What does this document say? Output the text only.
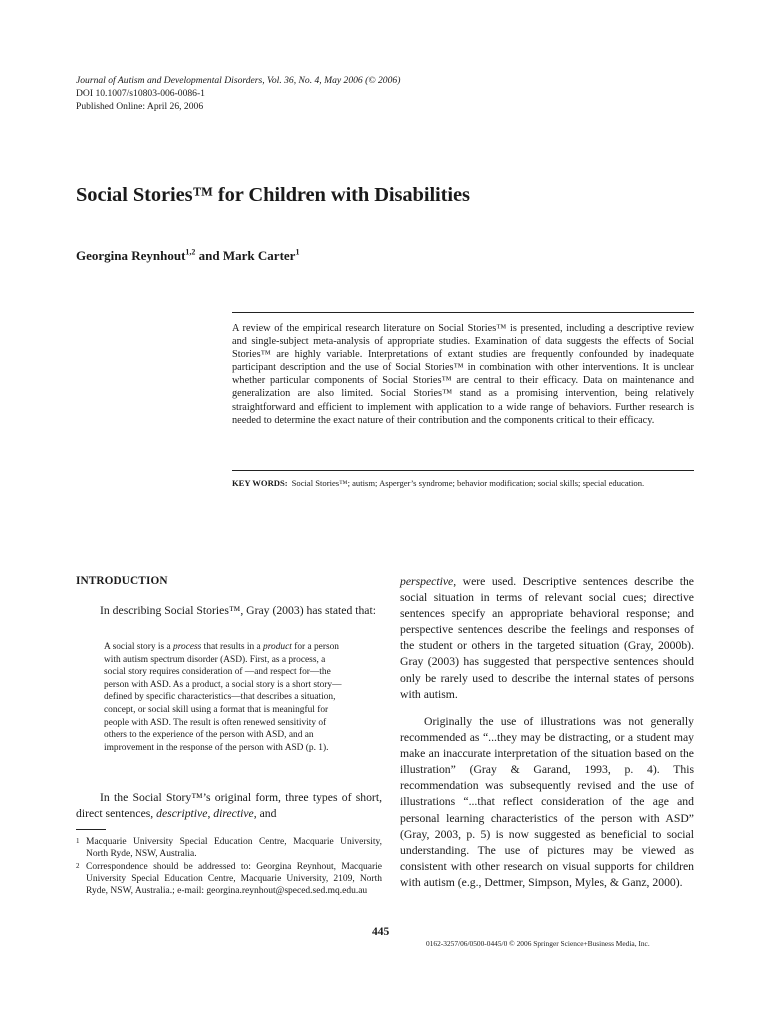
Journal of Autism and Developmental Disorders, Vol. 36, No. 4, May 2006 (© 2006)
DOI 10.1007/s10803-006-0086-1
Published Online: April 26, 2006
Social Stories™ for Children with Disabilities
Georgina Reynhout$^{1,2}$ and Mark Carter$^1$

A review of the empirical research literature on Social Stories™ is presented, including a descriptive review and single-subject meta-analysis of appropriate studies. Examination of data suggests the effects of Social Stories™ are highly variable. Interpretations of extant studies are frequently confounded by inadequate participant description and the use of Social Stories™ in combination with other interventions. It is unclear whether particular components of Social Stories™ are central to their efficacy. Data on maintenance and generalization are also limited. Social Stories™ stand as a promising intervention, being relatively straightforward and efficient to implement with application to a wide range of behaviors. Further research is needed to determine the exact nature of their contribution and the components critical to their efficacy.

KEY WORDS: Social Stories™; autism; Asperger’s syndrome; behavior modification; social skills; special education.

INTRODUCTION

In describing Social Stories™, Gray (2003) has stated that:

A social story is a process that results in a product for a person with autism spectrum disorder (ASD). First, as a process, a social story requires consideration of —and respect for—the person with ASD. As a product, a social story is a short story—defined by specific characteristics—that describes a situation, concept, or social skill using a format that is meaningful for people with ASD. The result is often renewed sensitivity of others to the experience of the person with ASD, and an improvement in the response of the person with ASD (p. 1).

In the Social Story™’s original form, three types of short, direct sentences, descriptive, directive, and

1 Macquarie University Special Education Centre, Macquarie University, North Ryde, NSW, Australia.
2 Correspondence should be addressed to: Georgina Reynhout, Macquarie University Special Education Centre, Macquarie University, 2109, North Ryde, NSW, Australia.; e-mail: georgina.reynhout@speced.sed.mq.edu.au

perspective, were used. Descriptive sentences describe the social situation in terms of relevant social cues; directive sentences specify an appropriate behavioral response; and perspective sentences describe the feelings and responses of the student or others in the targeted situation (Gray, 2000b). Gray (2003) has suggested that perspective sentences should only be rarely used to describe the internal states of persons with autism.

Originally the use of illustrations was not generally recommended as “...they may be distracting, or a student may make an inaccurate interpretation of the situation based on the illustration” (Gray & Garand, 1993, p. 4). This recommendation was subsequently revised and the use of illustrations “...that reflect consideration of the age and personal learning characteristics of the person with ASD” (Gray, 2003, p. 5) is now suggested as beneficial to social understanding. The use of pictures may be viewed as consistent with other research on visual supports for children with autism (e.g., Dettmer, Simpson, Myles, & Ganz, 2000).

445
0162-3257/06/0500-0445/0 © 2006 Springer Science+Business Media, Inc.
